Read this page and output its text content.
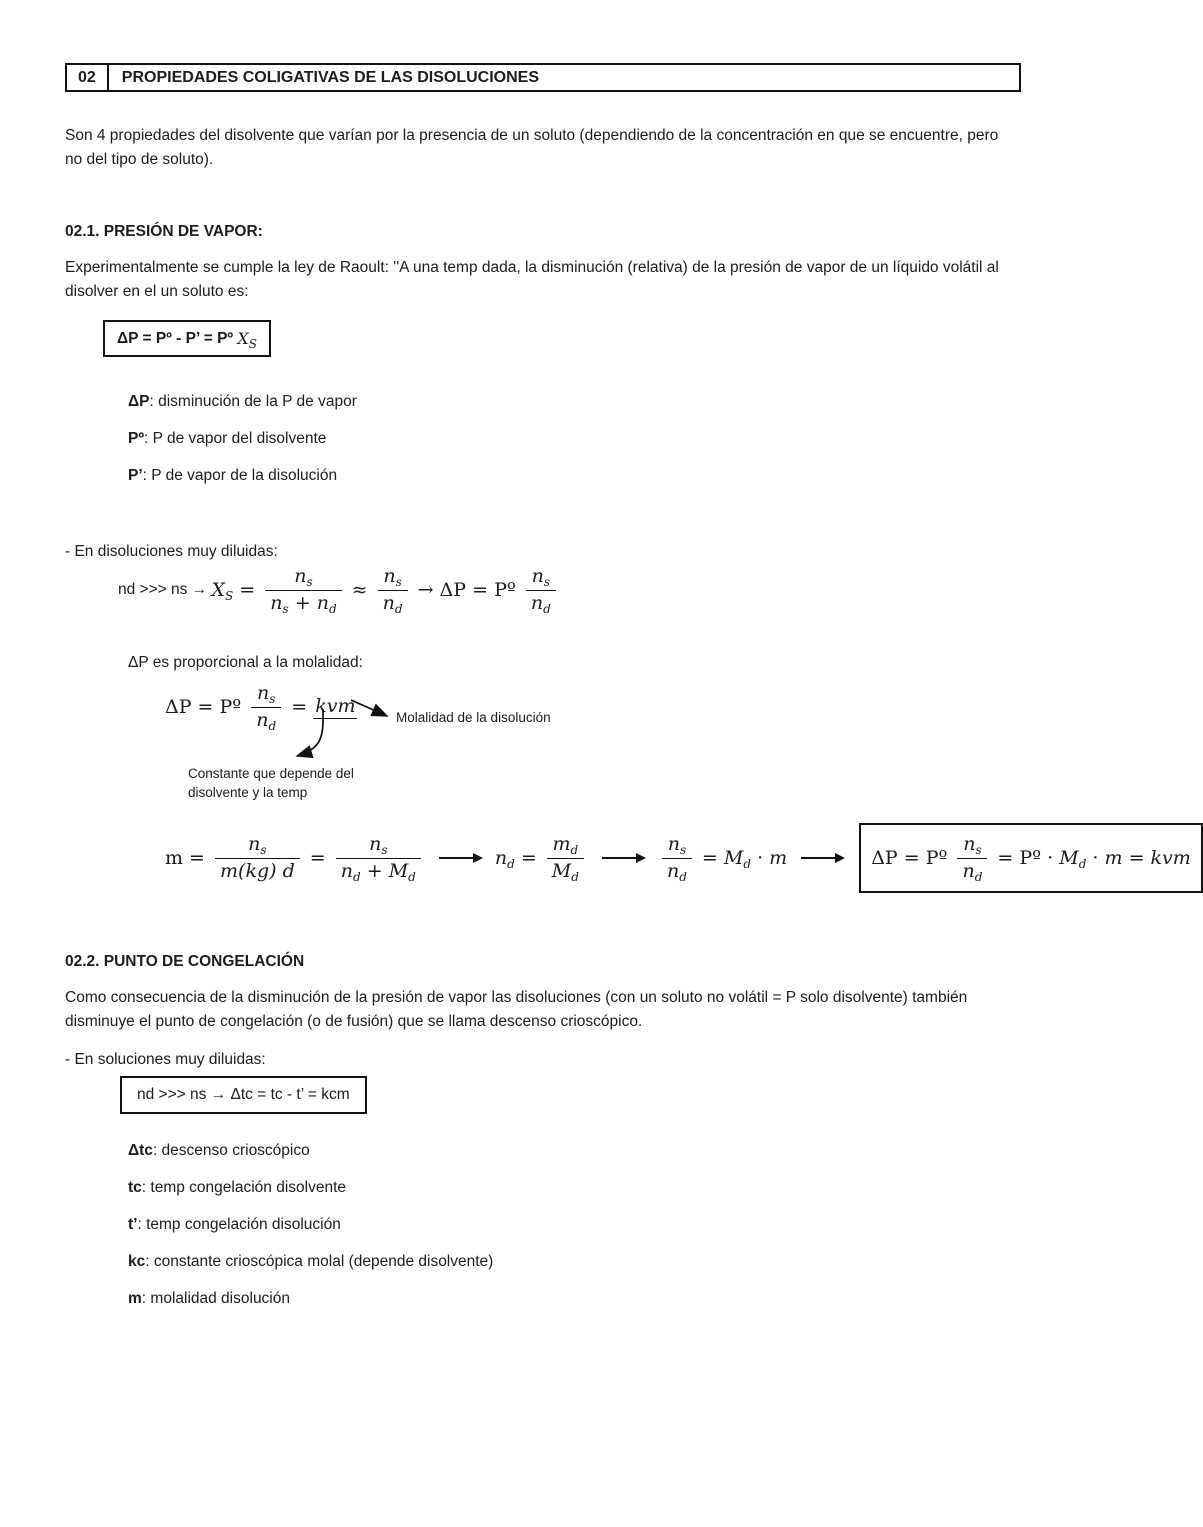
02	PROPIEDADES COLIGATIVAS DE LAS DISOLUCIONES
Son 4 propiedades del disolvente que varían por la presencia de un soluto (dependiendo de la concentración en que se encuentre, pero no del tipo de soluto).
02.1. PRESIÓN DE VAPOR:
Experimentalmente se cumple la ley de Raoult: ''A una temp dada, la disminución (relativa) de la presión de vapor de un líquido volátil al disolver en el un soluto es:
ΔP = Pº - P’ = Pº $X_S$
ΔP: disminución de la P de vapor
Pº: P de vapor del disolvente
P’: P de vapor de la disolución
- En disoluciones muy diluidas:
nd >>> ns → $X_S = \frac{n_s}{n_s + n_d} \approx \frac{n_s}{n_d} \to \Delta P$ = Pº $\frac{n_s}{n_d}$
ΔP es proporcional a la molalidad:
ΔP = Pº $\frac{n_s}{n_d}$ = kvm
Molalidad de la disolución
Constante que depende del
disolvente y la temp
$m = \frac{n_s}{m(kg) d} = \frac{n_s}{n_d + M_d}$	$n_d = \frac{m_d}{M_d}$	$\frac{n_s}{n_d} = M_d \cdot m$	ΔP = Pº $\frac{n_s}{n_d}$ = Pº · $M_d \cdot m$ = kvm
02.2. PUNTO DE CONGELACIÓN
Como consecuencia de la disminución de la presión de vapor las disoluciones (con un soluto no volátil = P solo disolvente) también disminuye el punto de congelación (o de fusión) que se llama descenso crioscópico.
- En soluciones muy diluidas:
nd >>> ns → Δtc = tc - t’ = kcm
Δtc: descenso crioscópico
tc: temp congelación disolvente
t’: temp congelación disolución
kc: constante crioscópica molal (depende disolvente)
m: molalidad disolución
